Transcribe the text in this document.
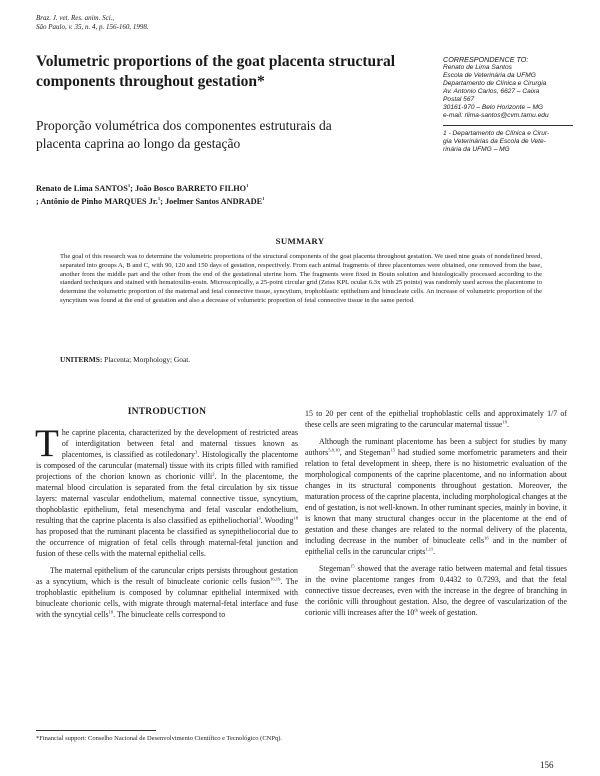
Braz. J. vet. Res. anim. Sci.,
São Paulo, v. 35, n. 4, p. 156-160, 1998.
Volumetric proportions of the goat placenta structural components throughout gestation*
Proporção volumétrica dos componentes estruturais da placenta caprina ao longo da gestação
Renato de Lima SANTOS$^1$; João Bosco BARRETO FILHO$^1$
; Antônio de Pinho MARQUES Jr.$^1$; Joelmer Santos ANDRADE$^1$
CORRESPONDENCE TO:
Renato de Lima Santos
Escola de Veterinária da UFMG
Departamento de Clínica e Cirurgia
Av. Antonio Carlos, 6627 – Caixa
Postal 567
30161-970 – Belo Horizonte – MG
e-mail: rlima-santos@cvm.tamu.edu
1 - Departamento de Clínica e Cirur-
gia Veterinárias da Escola de Vete-
rinária da UFMG – MG
SUMMARY
The goal of this research was to determine the volumetric proportions of the structural components of the goat placenta throughout gestation. We used nine goats of nondefined breed, separated into groups A, B and C, with 90, 120 and 150 days of gestation, respectively. From each animal fragments of three placentomes were obtained, one removed from the base, another from the middle part and the other from the end of the gestational uterine horn. The fragments were fixed in Bouin solution and histologically processed according to the standard techniques and stained with hematoxilin-eosin. Microscopically, a 25-point circular grid (Zeiss KPL ocular 6.3x with 25 points) was randomly used across the placentome to determine the volumetric proportion of the maternal and fetal connective tissue, syncytium, trophoblastic epithelium and binucleate cells. An increase of volumetric proportion of the syncytium was found at the end of gestation and also a decrease of volumetric proportion of fetal connective tissue in the same period.
UNITERMS: Placenta; Morphology; Goat.
INTRODUCTION

The caprine placenta, characterized by the development of restricted areas of interdigitation between fetal and maternal tissues known as placentomes, is classified as cotiledonary$^3$. Histologically the placentome is composed of the caruncular (maternal) tissue with its cripts filled with ramified projections of the chorion known as chorionic villi$^2$. In the placentome, the maternal blood circulation is separated from the fetal circulation by six tissue layers: maternal vascular endothelium, maternal connective tissue, syncytium, thophoblastic epithelium, fetal mesenchyma and fetal vascular endothelium, resulting that the caprine placenta is also classified as epitheliochorial$^3$. Wooding$^{18}$ has proposed that the ruminant placenta be classified as synepitheliocorial due to the occurrence of migration of fetal cells through maternal-fetal junction and fusion of these cells with the maternal epithelial cells.

The maternal epithelium of the caruncular cripts persists throughout gestation as a syncytium, which is the result of binucleate corionic cells fusion$^{16,19}$. The trophoblastic epithelium is composed by columnar epithelial intermixed with binucleate chorionic cells, with migrate through maternal-fetal interface and fuse with the syncytial cells$^{18}$. The binucleate cells correspond to

15 to 20 per cent of the epithelial trophoblastic cells and approximately 1/7 of these cells are seen migrating to the caruncular maternal tissue$^{19}$.

Although the ruminant placentome has been a subject for studies by many authors$^{5,8,10}$, and Stegeman$^{15}$ had studied some morfometric parameters and their relation to fetal development in sheep, there is no histometric evaluation of the morphological components of the caprine placentome, and no information about changes in its structural components throughout gestation. Moreover, the maturation process of the caprine placenta, including morphological changes at the end of gestation, is not well-known. In other ruminant species, mainly in bovine, it is known that many structural changes occur in the placentome at the end of gestation and these changes are related to the normal delivery of the placenta, including decrease in the number of binucleate cells$^{16}$ and in the number of epithelial cells in the caruncular cripts$^{1,11}$.

Stegeman$^{15}$ showed that the average ratio between maternal and fetal tissues in the ovine placentome ranges from 0.4432 to 0.7293, and that the fetal connective tissue decreases, even with the increase in the degree of branching in the coriônic villi throughout gestation. Also, the degree of vascularization of the corionic villi increases after the 10th week of gestation.

*Financial support: Conselho Nacional de Desenvolvimento Científico e Tecnológico (CNPq).
156
